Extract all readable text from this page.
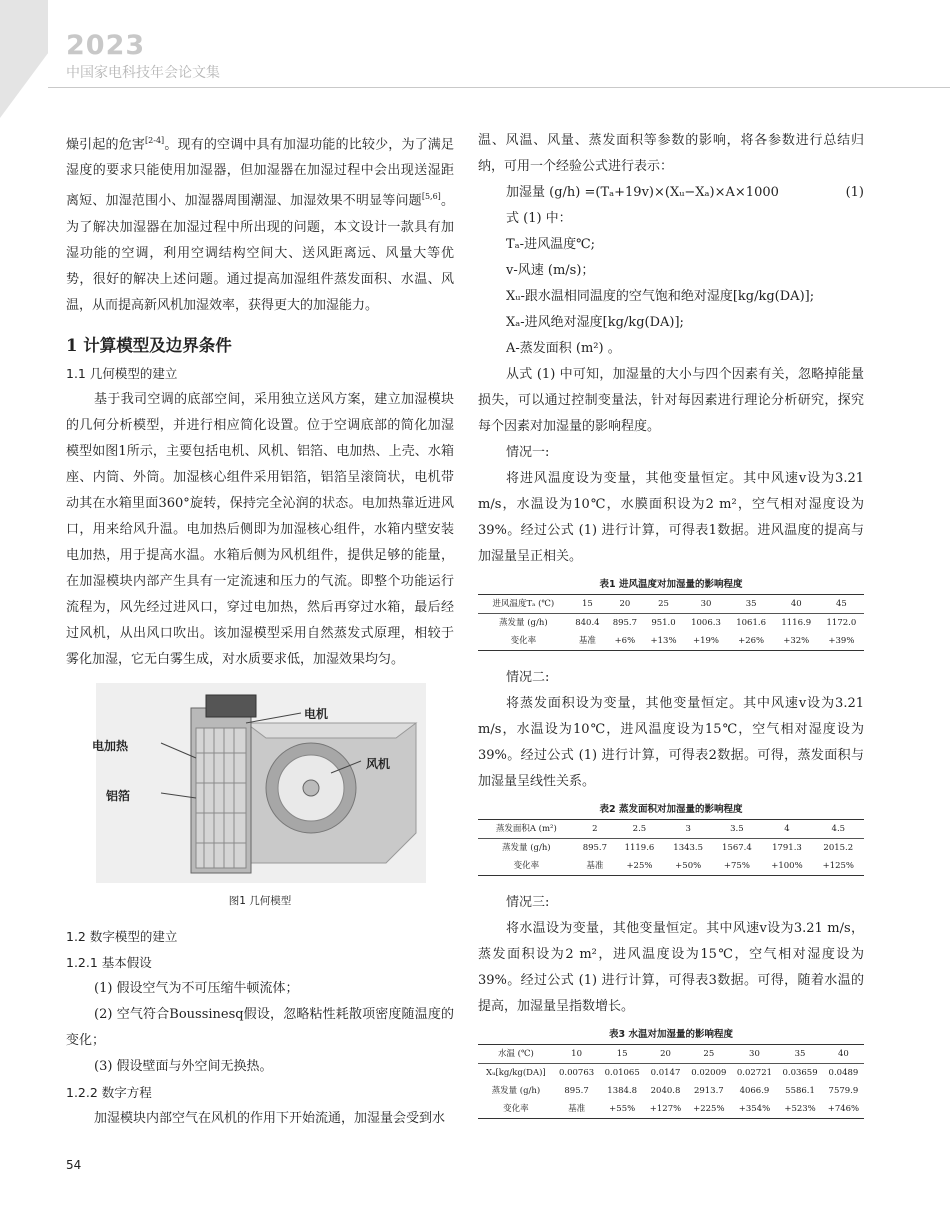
2023
中国家电科技年会论文集

燥引起的危害[2-4]。现有的空调中具有加湿功能的比较少，为了满足湿度的要求只能使用加湿器，但加湿器在加湿过程中会出现送湿距离短、加湿范围小、加湿器周围潮湿、加湿效果不明显等问题[5,6]。为了解决加湿器在加湿过程中所出现的问题，本文设计一款具有加湿功能的空调，利用空调结构空间大、送风距离远、风量大等优势，很好的解决上述问题。通过提高加湿组件蒸发面积、水温、风温，从而提高新风机加湿效率，获得更大的加湿能力。

1 计算模型及边界条件
1.1 几何模型的建立

基于我司空调的底部空间，采用独立送风方案，建立加湿模块的几何分析模型，并进行相应简化设置。位于空调底部的简化加湿模型如图1所示，主要包括电机、风机、铝箔、电加热、上壳、水箱座、内筒、外筒。加湿核心组件采用铝箔，铝箔呈滚筒状，电机带动其在水箱里面360°旋转，保持完全沁润的状态。电加热靠近进风口，用来给风升温。电加热后侧即为加湿核心组件，水箱内壁安装电加热，用于提高水温。水箱后侧为风机组件，提供足够的能量，在加湿模块内部产生具有一定流速和压力的气流。即整个功能运行流程为，风先经过进风口，穿过电加热，然后再穿过水箱，最后经过风机，从出风口吹出。该加湿模型采用自然蒸发式原理，相较于雾化加湿，它无白雾生成，对水质要求低，加湿效果均匀。

电机
电加热
铝箔
风机
图1 几何模型
1.2 数字模型的建立
1.2.1 基本假设

(1) 假设空气为不可压缩牛顿流体；

(2) 空气符合Boussinesq假设，忽略粘性耗散项密度随温度的变化；

(3) 假设壁面与外空间无换热。

1.2.2 数字方程

加湿模块内部空气在风机的作用下开始流通，加湿量会受到水

温、风温、风量、蒸发面积等参数的影响，将各参数进行总结归纳，可用一个经验公式进行表示：

加湿量 (g/h) =(Tₐ+19v)×(Xᵤ−Xₐ)×A×1000	(1)

式 (1) 中：

Tₐ-进风温度℃;

v-风速 (m/s)；

Xᵤ-跟水温相同温度的空气饱和绝对湿度[kg/kg(DA)];

Xₐ-进风绝对湿度[kg/kg(DA)];

A-蒸发面积 (m²) 。

从式 (1) 中可知，加湿量的大小与四个因素有关，忽略掉能量损失，可以通过控制变量法，针对每因素进行理论分析研究，探究每个因素对加湿量的影响程度。

情况一:

将进风温度设为变量，其他变量恒定。其中风速v设为3.21 m/s，水温设为10℃，水膜面积设为2 m²，空气相对湿度设为39%。经过公式 (1) 进行计算，可得表1数据。进风温度的提高与加湿量呈正相关。

表1 进风温度对加湿量的影响程度
进风温度Tₐ (℃)	15	20	25	30	35	40	45
蒸发量 (g/h)	840.4	895.7	951.0	1006.3	1061.6	1116.9	1172.0
变化率	基准	+6%	+13%	+19%	+26%	+32%	+39%

情况二:

将蒸发面积设为变量，其他变量恒定。其中风速v设为3.21 m/s，水温设为10℃，进风温度设为15℃，空气相对湿度设为39%。经过公式 (1) 进行计算，可得表2数据。可得，蒸发面积与加湿量呈线性关系。

表2 蒸发面积对加湿量的影响程度
蒸发面积A (m²)	2	2.5	3	3.5	4	4.5
蒸发量 (g/h)	895.7	1119.6	1343.5	1567.4	1791.3	2015.2
变化率	基准	+25%	+50%	+75%	+100%	+125%

情况三:

将水温设为变量，其他变量恒定。其中风速v设为3.21 m/s，蒸发面积设为2 m²，进风温度设为15℃，空气相对湿度设为39%。经过公式 (1) 进行计算，可得表3数据。可得，随着水温的提高，加湿量呈指数增长。

表3 水温对加湿量的影响程度
水温 (℃)	10	15	20	25	30	35	40
Xᵤ[kg/kg(DA)]	0.00763	0.01065	0.0147	0.02009	0.02721	0.03659	0.0489
蒸发量 (g/h)	895.7	1384.8	2040.8	2913.7	4066.9	5586.1	7579.9
变化率	基准	+55%	+127%	+225%	+354%	+523%	+746%
54
